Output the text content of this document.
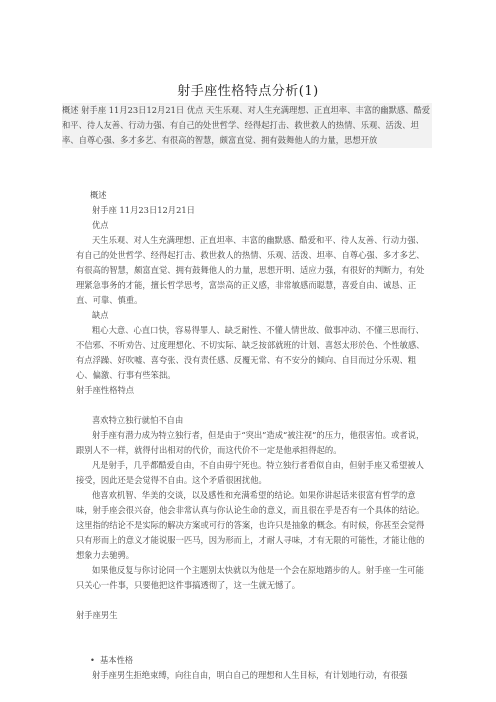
射手座性格特点分析(1)
概述 射手座 11月23日12月21日 优点 天生乐观、对人生充满理想、正直坦率、丰富的幽默感、酷爱和平、待人友善、行动力强、有自己的处世哲学、经得起打击、救世救人的热情、乐观、活泼、坦率、自尊心强、多才多艺、有很高的智慧，颇富直觉、拥有鼓舞他人的力量，思想开放

概述

射手座 11月23日12月21日

优点

天生乐观、对人生充满理想、正直坦率、丰富的幽默感、酷爱和平、待人友善、行动力强、有自己的处世哲学、经得起打击、救世救人的热情、乐观、活泼、坦率、自尊心强、多才多艺、有很高的智慧，颇富直觉、拥有鼓舞他人的力量，思想开明、适应力强，有很好的判断力，有处理紧急事务的才能，擅长哲学思考，富崇高的正义感，非常敏感而聪慧，喜爱自由、诚恳、正直、可靠、慎重。

缺点

粗心大意、心直口快，容易得罪人、缺乏耐性、不懂人情世故、做事冲动、不懂三思而行、不信邪、不听劝告、过度理想化、不切实际、缺乏按部就班的计划、喜怒太形於色、个性敏感、有点浮躁、好吹嘘、喜夸张、没有责任感、反覆无常、有不安分的倾向、自目而过分乐观、粗心、偏激、行事有些笨拙。

射手座性格特点

喜欢特立独行就怕不自由

射手座有潜力成为特立独行者，但是由于“突出”造成“被注视”的压力，他很害怕。或者说，跟别人不一样，就得付出相对的代价，而这代价不一定是他承担得起的。

凡是射手，几乎都酷爱自由，不自由毋宁死也。特立独行者看似自由，但射手座又希望被人接受，因此还是会觉得不自由。这个矛盾很困扰他。

他喜欢机智、华美的交谈，以及感性和充满希望的结论。如果你讲起话来很富有哲学的意味，射手座会很兴奋，他会非常认真与你认论生命的意义，而且很在乎是否有一个具体的结论。这里指的结论不是实际的解决方案或可行的答案，也许只是抽象的概念。有时候，你甚至会觉得只有形而上的意义才能说服一匹马，因为形而上，才耐人寻味，才有无限的可能性，才能让他的想象力去驰骋。

如果他反复与你讨论同一个主题别太快就以为他是一个会在原地踏步的人。射手座一生可能只关心一件事，只要他把这件事搞透彻了，这一生就无憾了。

射手座男生

• 基本性格

射手座男生拒绝束缚，向往自由，明白自己的理想和人生目标，有计划地行动，有很强
